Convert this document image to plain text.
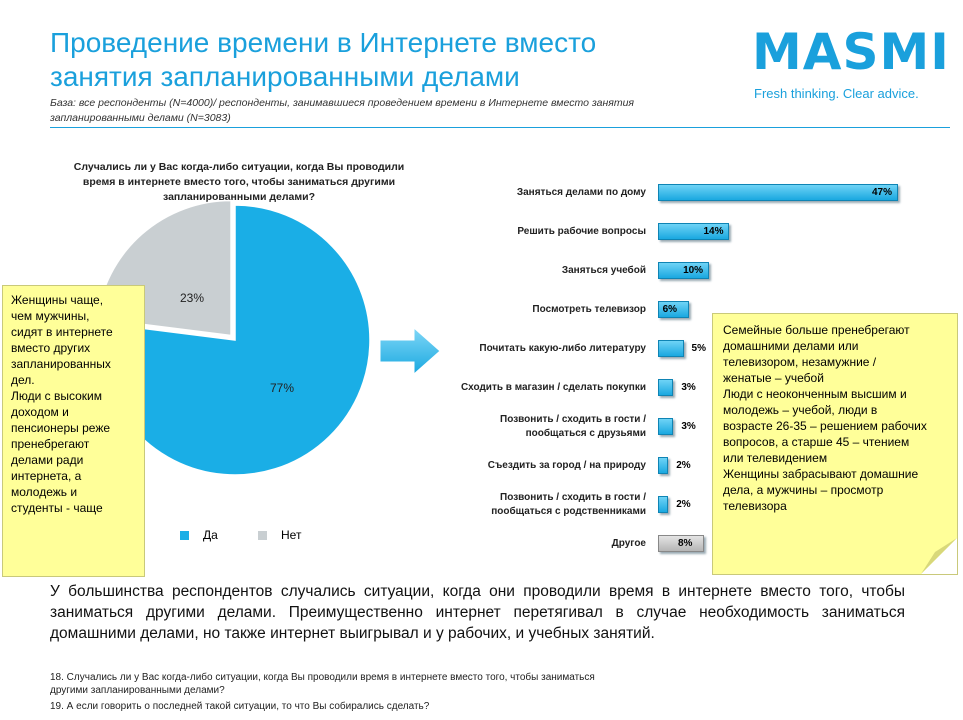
Проведение времени в Интернете вместо
занятия запланированными делами
База: все респонденты (N=4000)/ респонденты, занимавшиеся проведением времени в Интернете вместо занятия
запланированными делами (N=3083)
MASMI
Fresh thinking. Clear advice.
Случались ли у Вас когда-либо ситуации, когда Вы проводили
время в интернете вместо того, чтобы заниматься другими
запланированными делами?
23%
77%
Да	Нет
47%
Заняться делами по дому
14%
Решить рабочие вопросы
10%
Заняться учебой
6%
Посмотреть телевизор
5%
Почитать какую-либо литературу
3%
Сходить в магазин / сделать покупки
3%
Позвонить / сходить в гости /
пообщаться с друзьями
2%
Съездить за город / на природу
2%
Позвонить / сходить в гости /
пообщаться с родственниками
8%
Другое
Женщины чаще,
чем мужчины,
сидят в интернете
вместо других
запланированных
дел.
Люди с высоким
доходом и
пенсионеры реже
пренебрегают
делами ради
интернета, а
молодежь и
студенты - чаще
Семейные больше пренебрегают
домашними делами или
телевизором, незамужние /
женатые – учебой
Люди с неоконченным высшим и
молодежь – учебой, люди в
возрасте 26-35 – решением рабочих
вопросов, а старше 45 – чтением
или телевидением
Женщины забрасывают домашние
дела, а мужчины – просмотр
телевизора
У большинства респондентов случались ситуации, когда они проводили время в интернете вместо того, чтобы заниматься другими делами. Преимущественно интернет перетягивал в случае необходимость заниматься домашними делами, но также интернет выигрывал и у рабочих, и учебных занятий.
18. Случались ли у Вас когда-либо ситуации, когда Вы проводили время в интернете вместо того, чтобы заниматься
другими запланированными делами?
19. А если говорить о последней такой ситуации, то что Вы собирались сделать?
